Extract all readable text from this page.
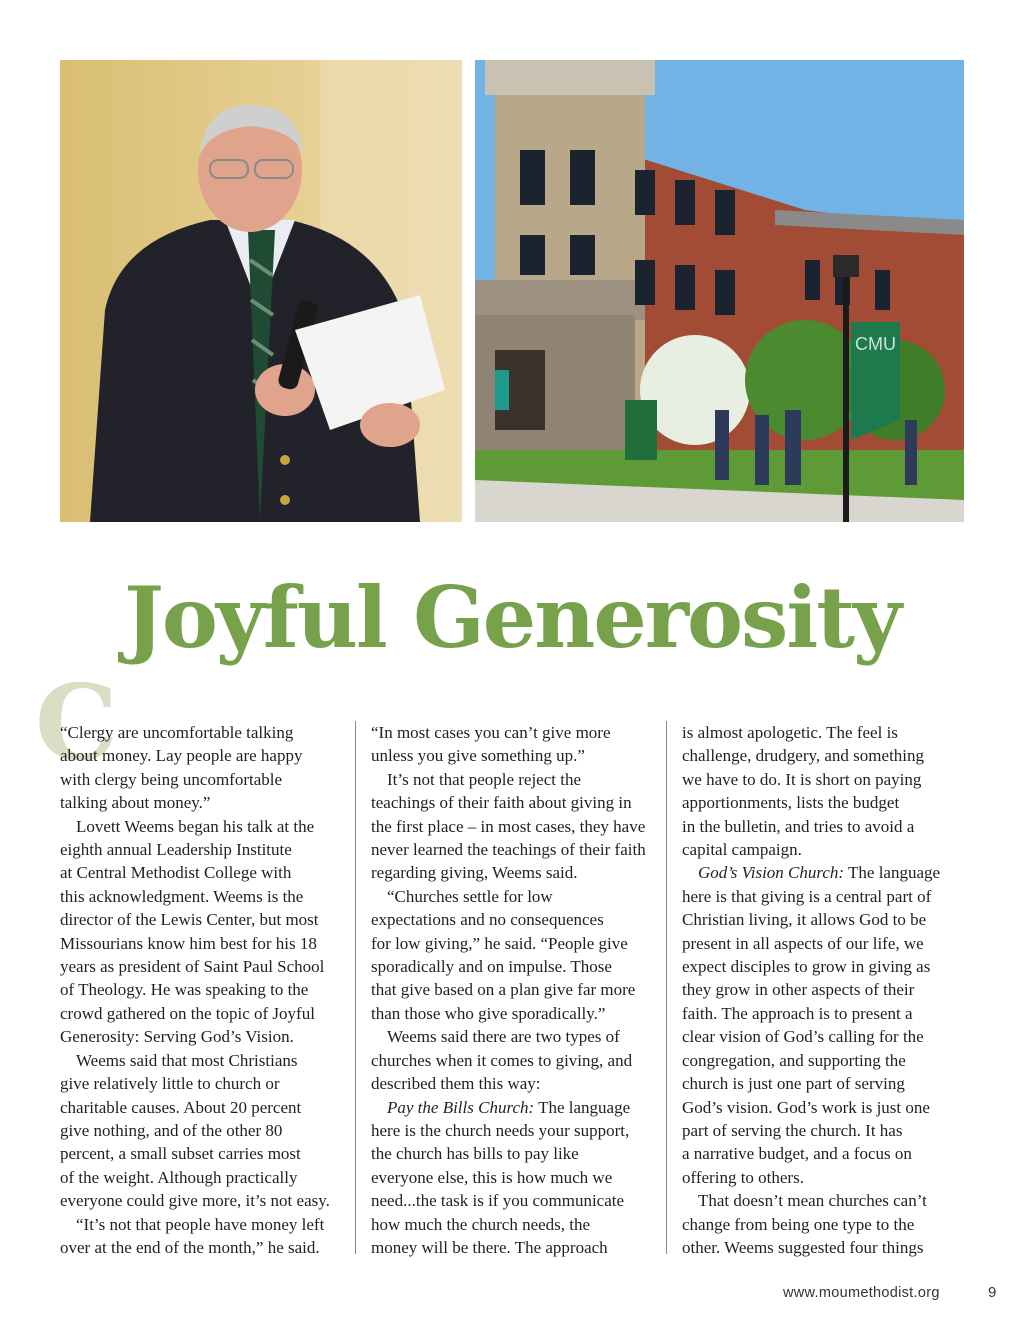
CMU
Joyful Generosity
C

“Clergy are uncomfortable talking

about money. Lay people are happy

with clergy being uncomfortable

talking about money.”

Lovett Weems began his talk at the

eighth annual Leadership Institute

at Central Methodist College with

this acknowledgment. Weems is the

director of the Lewis Center, but most

Missourians know him best for his 18

years as president of Saint Paul School

of Theology. He was speaking to the

crowd gathered on the topic of Joyful

Generosity: Serving God’s Vision.

Weems said that most Christians

give relatively little to church or

charitable causes. About 20 percent

give nothing, and of the other 80

percent, a small subset carries most

of the weight. Although practically

everyone could give more, it’s not easy.

“It’s not that people have money left

over at the end of the month,” he said.

“In most cases you can’t give more

unless you give something up.”

It’s not that people reject the

teachings of their faith about giving in

the first place – in most cases, they have

never learned the teachings of their faith

regarding giving, Weems said.

“Churches settle for low

expectations and no consequences

for low giving,” he said. “People give

sporadically and on impulse. Those

that give based on a plan give far more

than those who give sporadically.”

Weems said there are two types of

churches when it comes to giving, and

described them this way:

Pay the Bills Church: The language

here is the church needs your support,

the church has bills to pay like

everyone else, this is how much we

need...the task is if you communicate

how much the church needs, the

money will be there. The approach

is almost apologetic. The feel is

challenge, drudgery, and something

we have to do. It is short on paying

apportionments, lists the budget

in the bulletin, and tries to avoid a

capital campaign.

God’s Vision Church: The language

here is that giving is a central part of

Christian living, it allows God to be

present in all aspects of our life, we

expect disciples to grow in giving as

they grow in other aspects of their

faith. The approach is to present a

clear vision of God’s calling for the

congregation, and supporting the

church is just one part of serving

God’s vision. God’s work is just one

part of serving the church. It has

a narrative budget, and a focus on

offering to others.

That doesn’t mean churches can’t

change from being one type to the

other. Weems suggested four things

www.moumethodist.org	9
